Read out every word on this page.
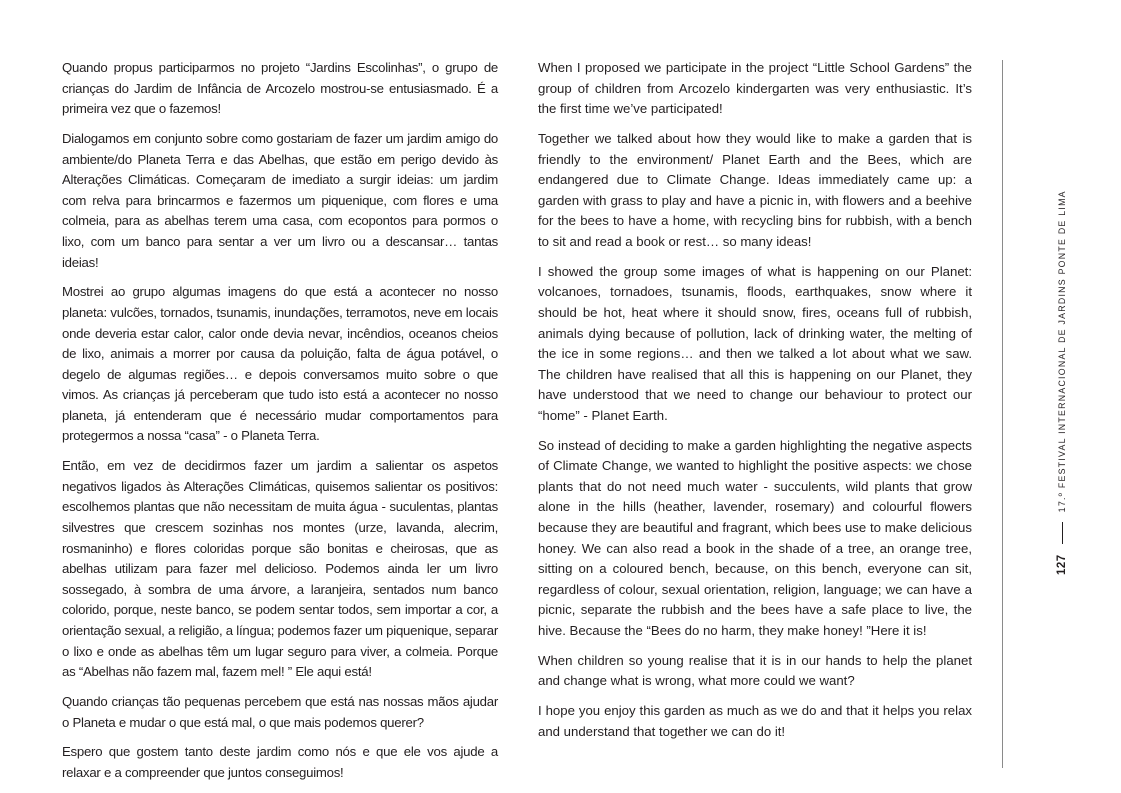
Quando propus participarmos no projeto “Jardins Escolinhas”, o grupo de crianças do Jardim de Infância de Arcozelo mostrou-se entusiasmado. É a primeira vez que o fazemos!

Dialogamos em conjunto sobre como gostariam de fazer um jardim amigo do ambiente/do Planeta Terra e das Abelhas, que estão em perigo devido às Alterações Climáticas. Começaram de imediato a surgir ideias: um jardim com relva para brincarmos e fazermos um piquenique, com flores e uma colmeia, para as abelhas terem uma casa, com ecopontos para pormos o lixo, com um banco para sentar a ver um livro ou a descansar… tantas ideias!

Mostrei ao grupo algumas imagens do que está a acontecer no nosso planeta: vulcões, tornados, tsunamis, inundações, terramotos, neve em locais onde deveria estar calor, calor onde devia nevar, incêndios, oceanos cheios de lixo, animais a morrer por causa da poluição, falta de água potável, o degelo de algumas regiões… e depois conversamos muito sobre o que vimos. As crianças já perceberam que tudo isto está a acontecer no nosso planeta, já entenderam que é necessário mudar comportamentos para protegermos a nossa “casa” - o Planeta Terra.

Então, em vez de decidirmos fazer um jardim a salientar os aspetos negativos ligados às Alterações Climáticas, quisemos salientar os positivos: escolhemos plantas que não necessitam de muita água - suculentas, plantas silvestres que crescem sozinhas nos montes (urze, lavanda, alecrim, rosmaninho) e flores coloridas porque são bonitas e cheirosas, que as abelhas utilizam para fazer mel delicioso. Podemos ainda ler um livro sossegado, à sombra de uma árvore, a laranjeira, sentados num banco colorido, porque, neste banco, se podem sentar todos, sem importar a cor, a orientação sexual, a religião, a língua; podemos fazer um piquenique, separar o lixo e onde as abelhas têm um lugar seguro para viver, a colmeia. Porque as “Abelhas não fazem mal, fazem mel! ” Ele aqui está!

Quando crianças tão pequenas percebem que está nas nossas mãos ajudar o Planeta e mudar o que está mal, o que mais podemos querer?

Espero que gostem tanto deste jardim como nós e que ele vos ajude a relaxar e a compreender que juntos conseguimos!

When I proposed we participate in the project “Little School Gardens” the group of children from Arcozelo kindergarten was very enthusiastic. It’s the first time we’ve participated!

Together we talked about how they would like to make a garden that is friendly to the environment/ Planet Earth and the Bees, which are endangered due to Climate Change. Ideas immediately came up: a garden with grass to play and have a picnic in, with flowers and a beehive for the bees to have a home, with recycling bins for rubbish, with a bench to sit and read a book or rest… so many ideas!

I showed the group some images of what is happening on our Planet: volcanoes, tornadoes, tsunamis, floods, earthquakes, snow where it should be hot, heat where it should snow, fires, oceans full of rubbish, animals dying because of pollution, lack of drinking water, the melting of the ice in some regions… and then we talked a lot about what we saw. The children have realised that all this is happening on our Planet, they have understood that we need to change our behaviour to protect our “home” - Planet Earth.

So instead of deciding to make a garden highlighting the negative aspects of Climate Change, we wanted to highlight the positive aspects: we chose plants that do not need much water - succulents, wild plants that grow alone in the hills (heather, lavender, rosemary) and colourful flowers because they are beautiful and fragrant, which bees use to make delicious honey. We can also read a book in the shade of a tree, an orange tree, sitting on a coloured bench, because, on this bench, everyone can sit, regardless of colour, sexual orientation, religion, language; we can have a picnic, separate the rubbish and the bees have a safe place to live, the hive. Because the “Bees do no harm, they make honey! ”Here it is!

When children so young realise that it is in our hands to help the planet and change what is wrong, what more could we want?

I hope you enjoy this garden as much as we do and that it helps you relax and understand that together we can do it!

127
17.º FESTIVAL INTERNACIONAL DE JARDINS PONTE DE LIMA
